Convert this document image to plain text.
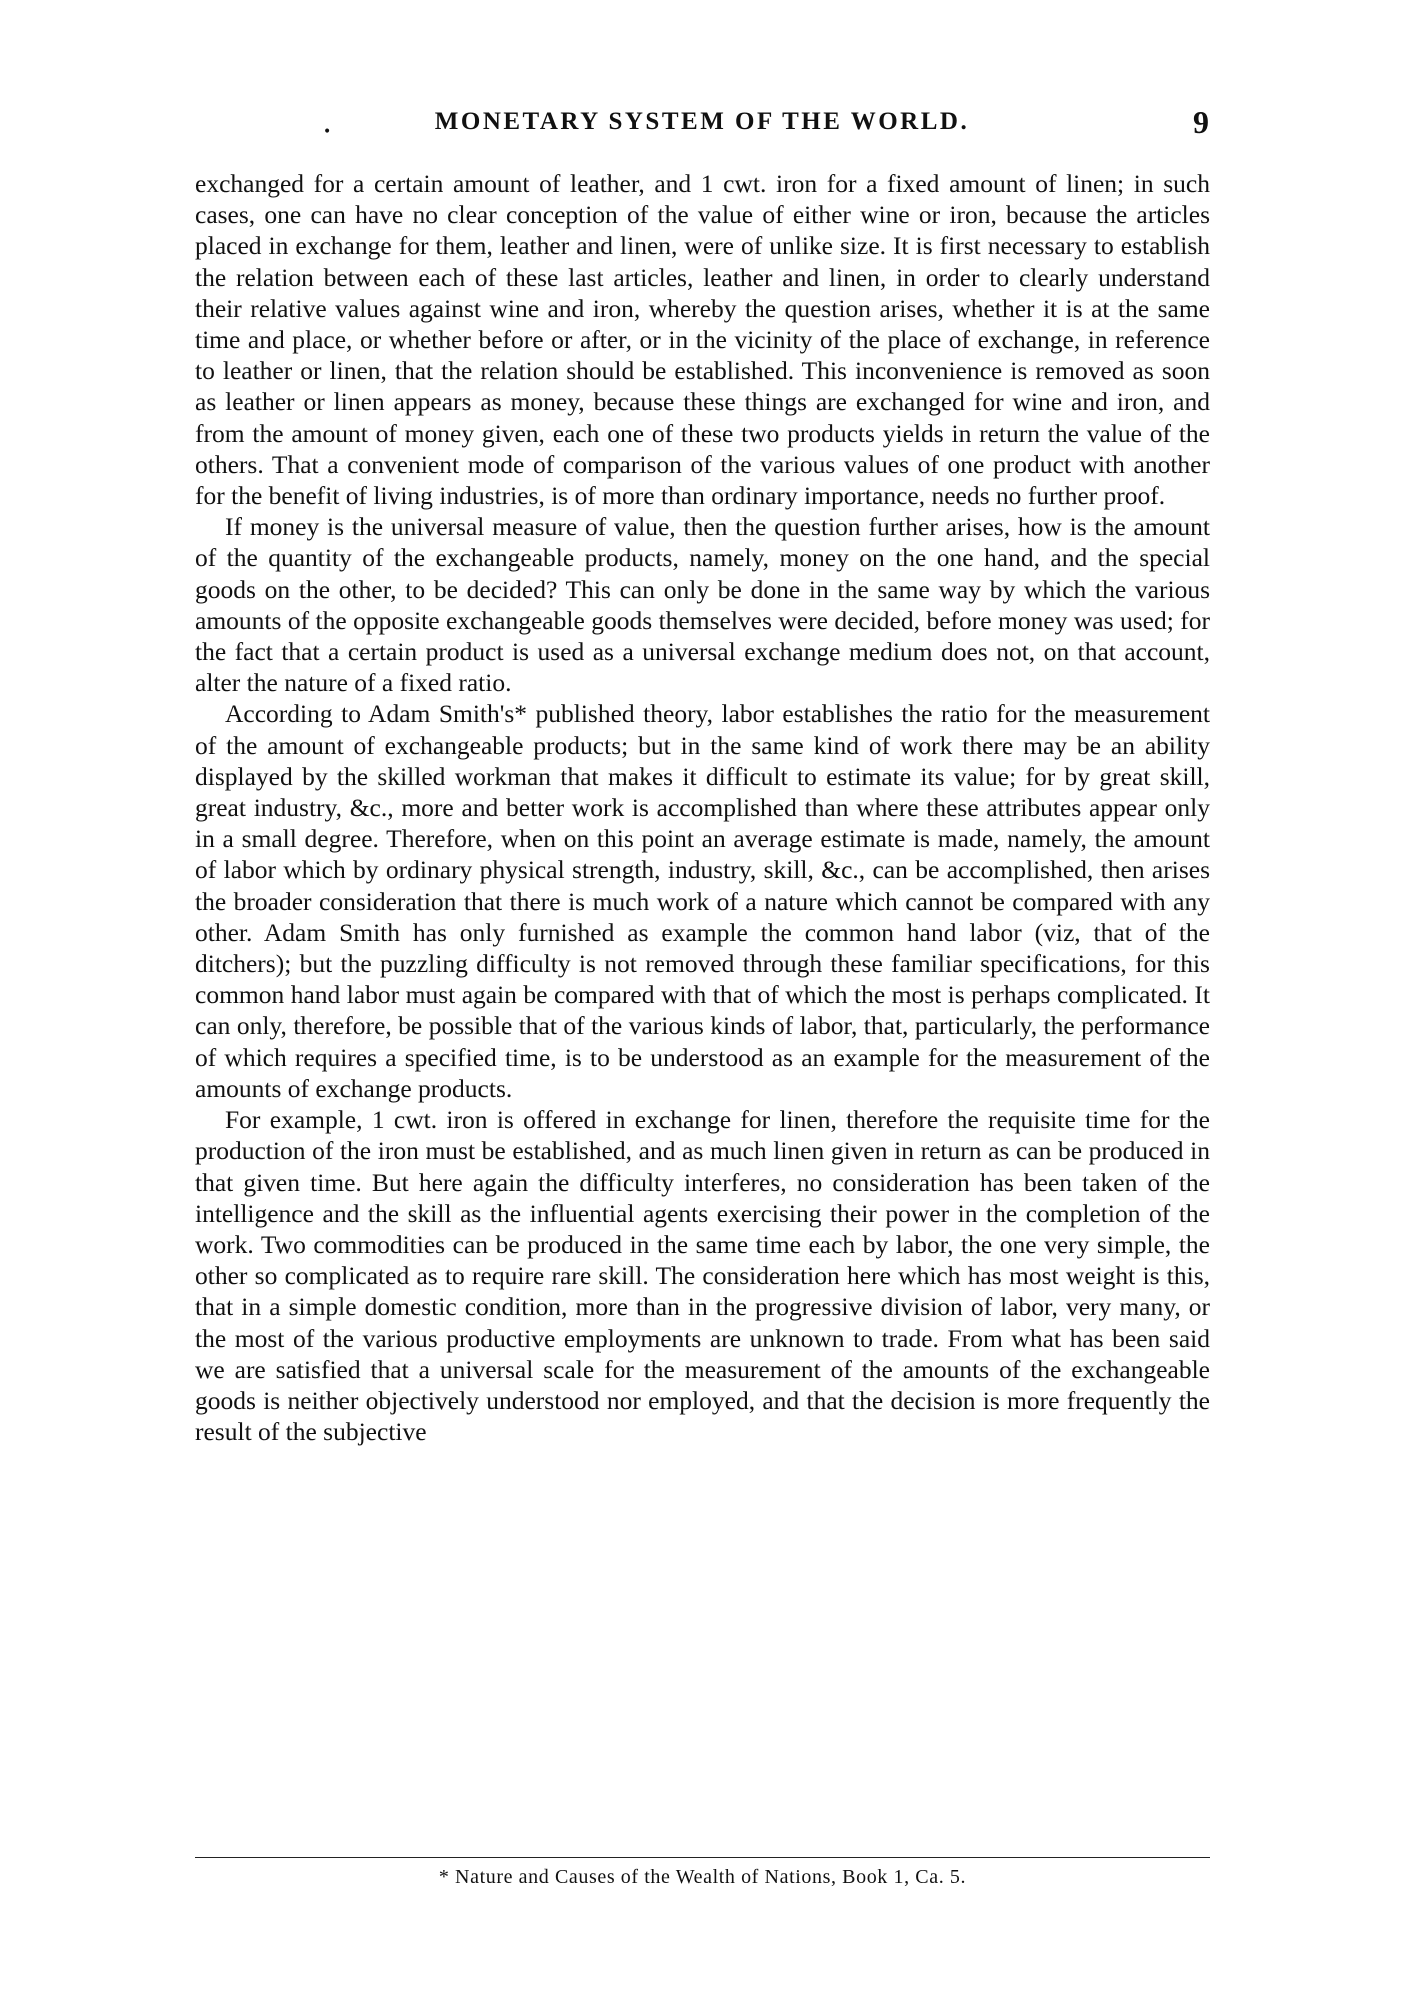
•	MONETARY SYSTEM OF THE WORLD.	9

exchanged for a certain amount of leather, and 1 cwt. iron for a fixed amount of linen; in such cases, one can have no clear conception of the value of either wine or iron, because the articles placed in exchange for them, leather and linen, were of unlike size. It is first necessary to establish the relation between each of these last articles, leather and linen, in order to clearly understand their relative values against wine and iron, whereby the question arises, whether it is at the same time and place, or whether before or after, or in the vicinity of the place of exchange, in reference to leather or linen, that the relation should be established. This inconvenience is removed as soon as leather or linen appears as money, because these things are exchanged for wine and iron, and from the amount of money given, each one of these two products yields in return the value of the others. That a convenient mode of comparison of the various values of one product with another for the benefit of living industries, is of more than ordinary importance, needs no further proof.

If money is the universal measure of value, then the question further arises, how is the amount of the quantity of the exchangeable products, namely, money on the one hand, and the special goods on the other, to be decided? This can only be done in the same way by which the various amounts of the opposite exchangeable goods themselves were decided, before money was used; for the fact that a certain product is used as a universal exchange medium does not, on that account, alter the nature of a fixed ratio.

According to Adam Smith's* published theory, labor establishes the ratio for the measurement of the amount of exchangeable products; but in the same kind of work there may be an ability displayed by the skilled workman that makes it difficult to estimate its value; for by great skill, great industry, &c., more and better work is accomplished than where these attributes appear only in a small degree. Therefore, when on this point an average estimate is made, namely, the amount of labor which by ordinary physical strength, industry, skill, &c., can be accomplished, then arises the broader consideration that there is much work of a nature which cannot be compared with any other. Adam Smith has only furnished as example the common hand labor (viz, that of the ditchers); but the puzzling difficulty is not removed through these familiar specifications, for this common hand labor must again be compared with that of which the most is perhaps complicated. It can only, therefore, be possible that of the various kinds of labor, that, particularly, the performance of which requires a specified time, is to be understood as an example for the measurement of the amounts of exchange products.

For example, 1 cwt. iron is offered in exchange for linen, therefore the requisite time for the production of the iron must be established, and as much linen given in return as can be produced in that given time. But here again the difficulty interferes, no consideration has been taken of the intelligence and the skill as the influential agents exercising their power in the completion of the work. Two commodities can be produced in the same time each by labor, the one very simple, the other so complicated as to require rare skill. The consideration here which has most weight is this, that in a simple domestic condition, more than in the progressive division of labor, very many, or the most of the various productive employments are unknown to trade. From what has been said we are satisfied that a universal scale for the measurement of the amounts of the exchangeable goods is neither objectively understood nor employed, and that the decision is more frequently the result of the subjective

* Nature and Causes of the Wealth of Nations, Book 1, Ca. 5.
